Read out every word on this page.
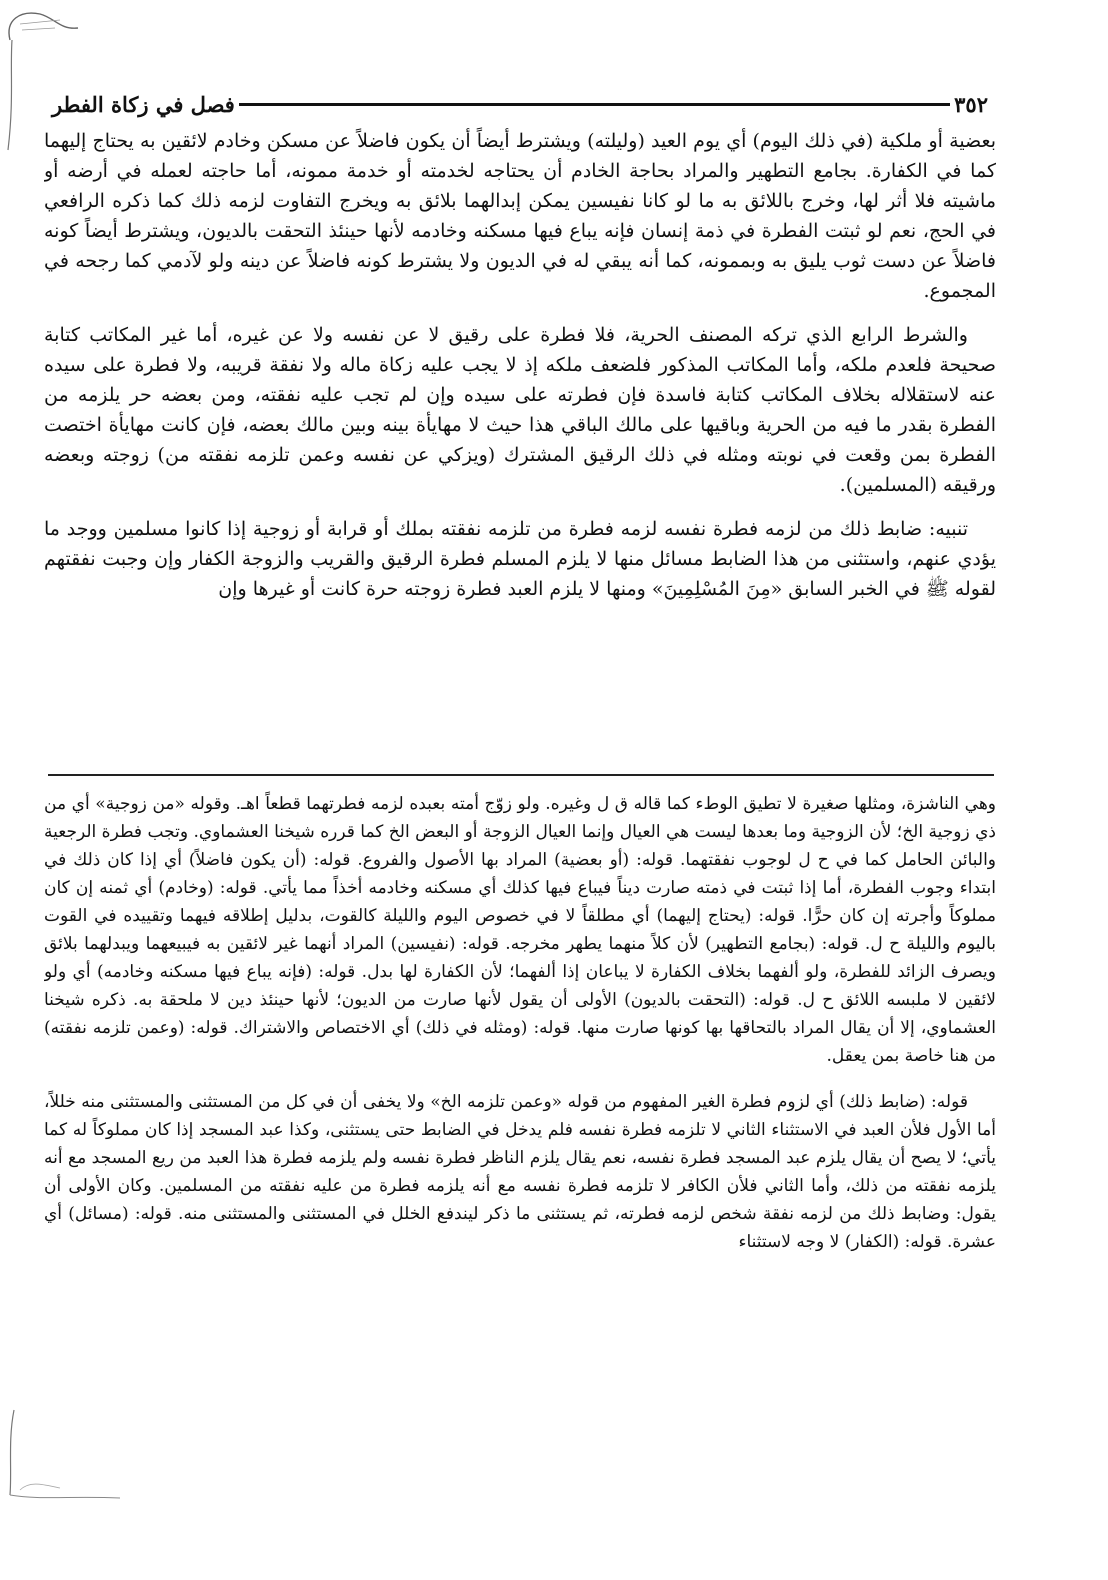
٣٥٢
فصل في زكاة الفطر

بعضية أو ملكية (في ذلك اليوم) أي يوم العيد (وليلته) ويشترط أيضاً أن يكون فاضلاً عن مسكن وخادم لائقين به يحتاج إليهما كما في الكفارة. بجامع التطهير والمراد بحاجة الخادم أن يحتاجه لخدمته أو خدمة ممونه، أما حاجته لعمله في أرضه أو ماشيته فلا أثر لها، وخرج باللائق به ما لو كانا نفيسين يمكن إبدالهما بلائق به ويخرج التفاوت لزمه ذلك كما ذكره الرافعي في الحج، نعم لو ثبتت الفطرة في ذمة إنسان فإنه يباع فيها مسكنه وخادمه لأنها حينئذ التحقت بالديون، ويشترط أيضاً كونه فاضلاً عن دست ثوب يليق به وبممونه، كما أنه يبقي له في الديون ولا يشترط كونه فاضلاً عن دينه ولو لآدمي كما رجحه في المجموع.

والشرط الرابع الذي تركه المصنف الحرية، فلا فطرة على رقيق لا عن نفسه ولا عن غيره، أما غير المكاتب كتابة صحيحة فلعدم ملكه، وأما المكاتب المذكور فلضعف ملكه إذ لا يجب عليه زكاة ماله ولا نفقة قريبه، ولا فطرة على سيده عنه لاستقلاله بخلاف المكاتب كتابة فاسدة فإن فطرته على سيده وإن لم تجب عليه نفقته، ومن بعضه حر يلزمه من الفطرة بقدر ما فيه من الحرية وباقيها على مالك الباقي هذا حيث لا مهايأة بينه وبين مالك بعضه، فإن كانت مهايأة اختصت الفطرة بمن وقعت في نوبته ومثله في ذلك الرقيق المشترك (ويزكي عن نفسه وعمن تلزمه نفقته من) زوجته وبعضه ورقيقه (المسلمين).

تنبيه: ضابط ذلك من لزمه فطرة نفسه لزمه فطرة من تلزمه نفقته بملك أو قرابة أو زوجية إذا كانوا مسلمين ووجد ما يؤدي عنهم، واستثنى من هذا الضابط مسائل منها لا يلزم المسلم فطرة الرقيق والقريب والزوجة الكفار وإن وجبت نفقتهم لقوله ﷺ في الخبر السابق «مِنَ المُسْلِمِينَ» ومنها لا يلزم العبد فطرة زوجته حرة كانت أو غيرها وإن

وهي الناشزة، ومثلها صغيرة لا تطيق الوطء كما قاله ق ل وغيره. ولو زوّج أمته بعبده لزمه فطرتهما قطعاً اهـ. وقوله «من زوجية» أي من ذي زوجية الخ؛ لأن الزوجية وما بعدها ليست هي العيال وإنما العيال الزوجة أو البعض الخ كما قرره شيخنا العشماوي. وتجب فطرة الرجعية والبائن الحامل كما في ح ل لوجوب نفقتهما. قوله: (أو بعضية) المراد بها الأصول والفروع. قوله: (أن يكون فاضلاً) أي إذا كان ذلك في ابتداء وجوب الفطرة، أما إذا ثبتت في ذمته صارت ديناً فيباع فيها كذلك أي مسكنه وخادمه أخذاً مما يأتي. قوله: (وخادم) أي ثمنه إن كان مملوكاً وأجرته إن كان حرًّا. قوله: (يحتاج إليهما) أي مطلقاً لا في خصوص اليوم والليلة كالقوت، بدليل إطلاقه فيهما وتقييده في القوت باليوم والليلة ح ل. قوله: (بجامع التطهير) لأن كلاً منهما يطهر مخرجه. قوله: (نفيسين) المراد أنهما غير لائقين به فيبيعهما ويبدلهما بلائق ويصرف الزائد للفطرة، ولو ألفهما بخلاف الكفارة لا يباعان إذا ألفهما؛ لأن الكفارة لها بدل. قوله: (فإنه يباع فيها مسكنه وخادمه) أي ولو لائقين لا ملبسه اللائق ح ل. قوله: (التحقت بالديون) الأولى أن يقول لأنها صارت من الديون؛ لأنها حينئذ دين لا ملحقة به. ذكره شيخنا العشماوي، إلا أن يقال المراد بالتحاقها بها كونها صارت منها. قوله: (ومثله في ذلك) أي الاختصاص والاشتراك. قوله: (وعمن تلزمه نفقته) من هنا خاصة بمن يعقل.

قوله: (ضابط ذلك) أي لزوم فطرة الغير المفهوم من قوله «وعمن تلزمه الخ» ولا يخفى أن في كل من المستثنى والمستثنى منه خللاً، أما الأول فلأن العبد في الاستثناء الثاني لا تلزمه فطرة نفسه فلم يدخل في الضابط حتى يستثنى، وكذا عبد المسجد إذا كان مملوكاً له كما يأتي؛ لا يصح أن يقال يلزم عبد المسجد فطرة نفسه، نعم يقال يلزم الناظر فطرة نفسه ولم يلزمه فطرة هذا العبد من ريع المسجد مع أنه يلزمه نفقته من ذلك، وأما الثاني فلأن الكافر لا تلزمه فطرة نفسه مع أنه يلزمه فطرة من عليه نفقته من المسلمين. وكان الأولى أن يقول: وضابط ذلك من لزمه نفقة شخص لزمه فطرته، ثم يستثنى ما ذكر ليندفع الخلل في المستثنى والمستثنى منه. قوله: (مسائل) أي عشرة. قوله: (الكفار) لا وجه لاستثناء
